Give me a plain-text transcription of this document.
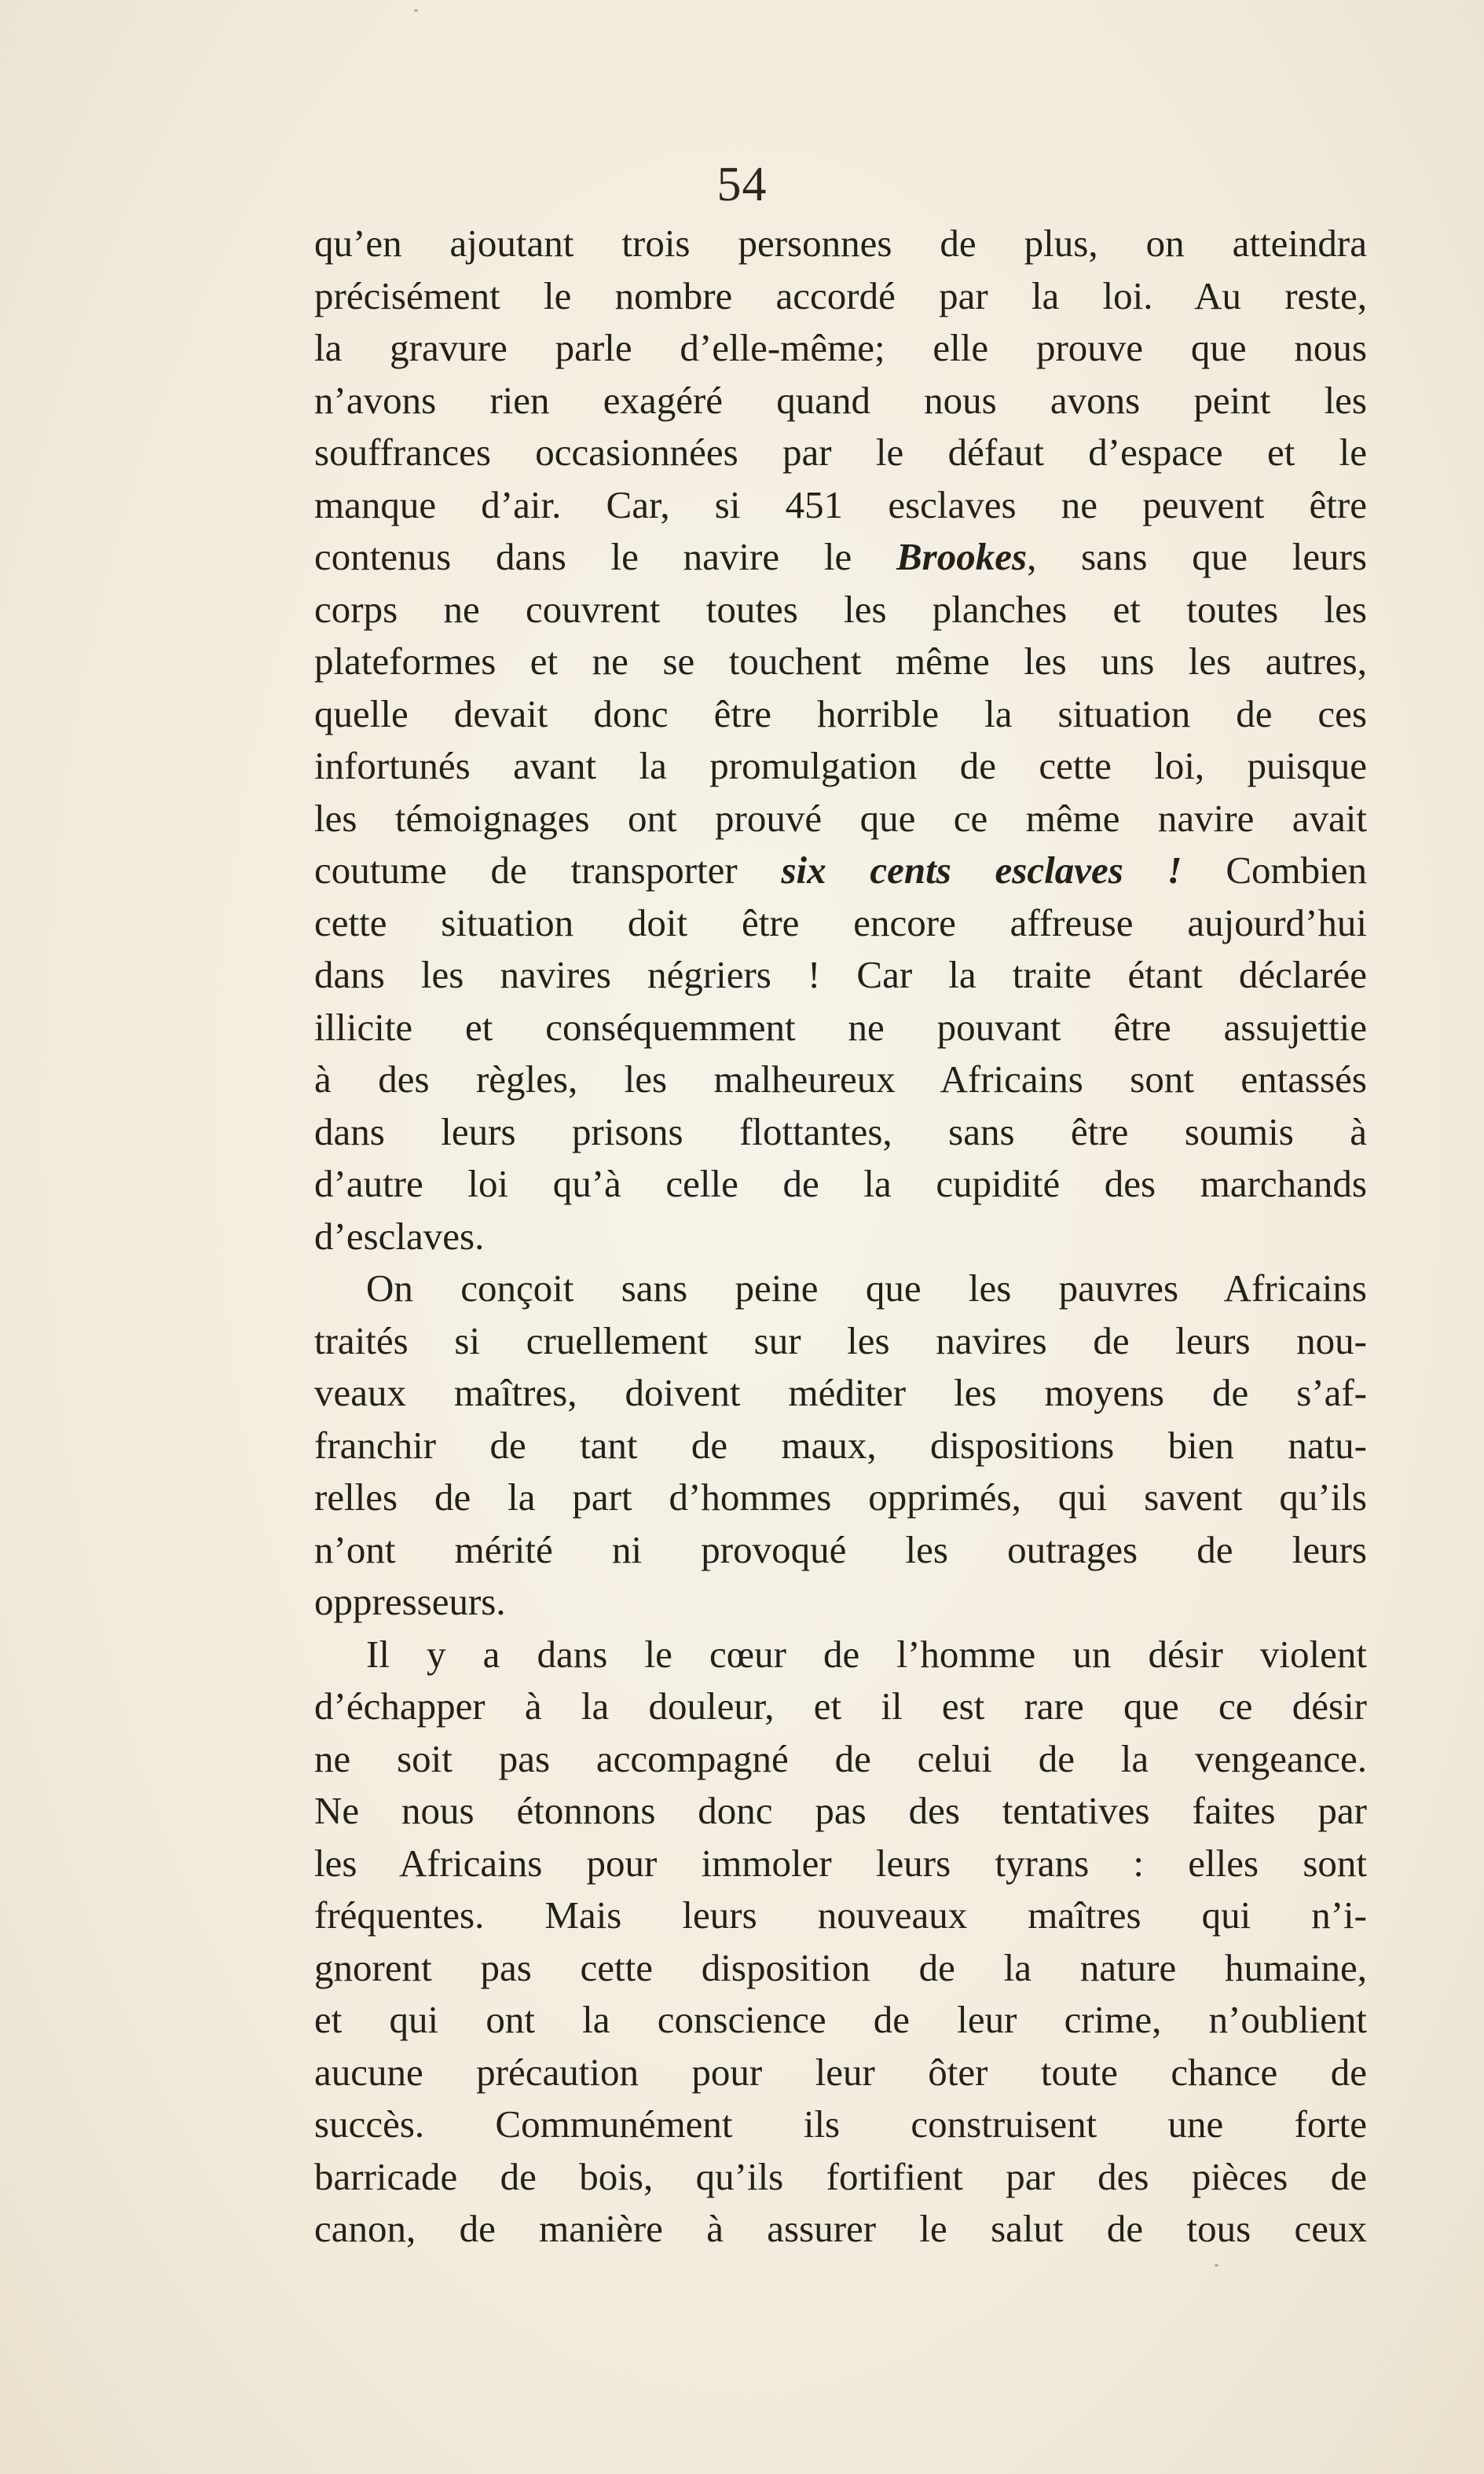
54
qu’en ajoutant trois personnes de plus, on atteindra
précisément le nombre accordé par la loi. Au reste,
la gravure parle d’elle-même; elle prouve que nous
n’avons rien exagéré quand nous avons peint les
souffrances occasionnées par le défaut d’espace et le
manque d’air. Car, si 451 esclaves ne peuvent être
contenus dans le navire le Brookes, sans que leurs
corps ne couvrent toutes les planches et toutes les
plateformes et ne se touchent même les uns les autres,
quelle devait donc être horrible la situation de ces
infortunés avant la promulgation de cette loi, puisque
les témoignages ont prouvé que ce même navire avait
coutume de transporter six cents esclaves ! Combien
cette situation doit être encore affreuse aujourd’hui
dans les navires négriers ! Car la traite étant déclarée
illicite et conséquemment ne pouvant être assujettie
à des règles, les malheureux Africains sont entassés
dans leurs prisons flottantes, sans être soumis à
d’autre loi qu’à celle de la cupidité des marchands
d’esclaves.
On conçoit sans peine que les pauvres Africains
traités si cruellement sur les navires de leurs nou-
veaux maîtres, doivent méditer les moyens de s’af-
franchir de tant de maux, dispositions bien natu-
relles de la part d’hommes opprimés, qui savent qu’ils
n’ont mérité ni provoqué les outrages de leurs
oppresseurs.
Il y a dans le cœur de l’homme un désir violent
d’échapper à la douleur, et il est rare que ce désir
ne soit pas accompagné de celui de la vengeance.
Ne nous étonnons donc pas des tentatives faites par
les Africains pour immoler leurs tyrans : elles sont
fréquentes. Mais leurs nouveaux maîtres qui n’i-
gnorent pas cette disposition de la nature humaine,
et qui ont la conscience de leur crime, n’oublient
aucune précaution pour leur ôter toute chance de
succès. Communément ils construisent une forte
barricade de bois, qu’ils fortifient par des pièces de
canon, de manière à assurer le salut de tous ceux
